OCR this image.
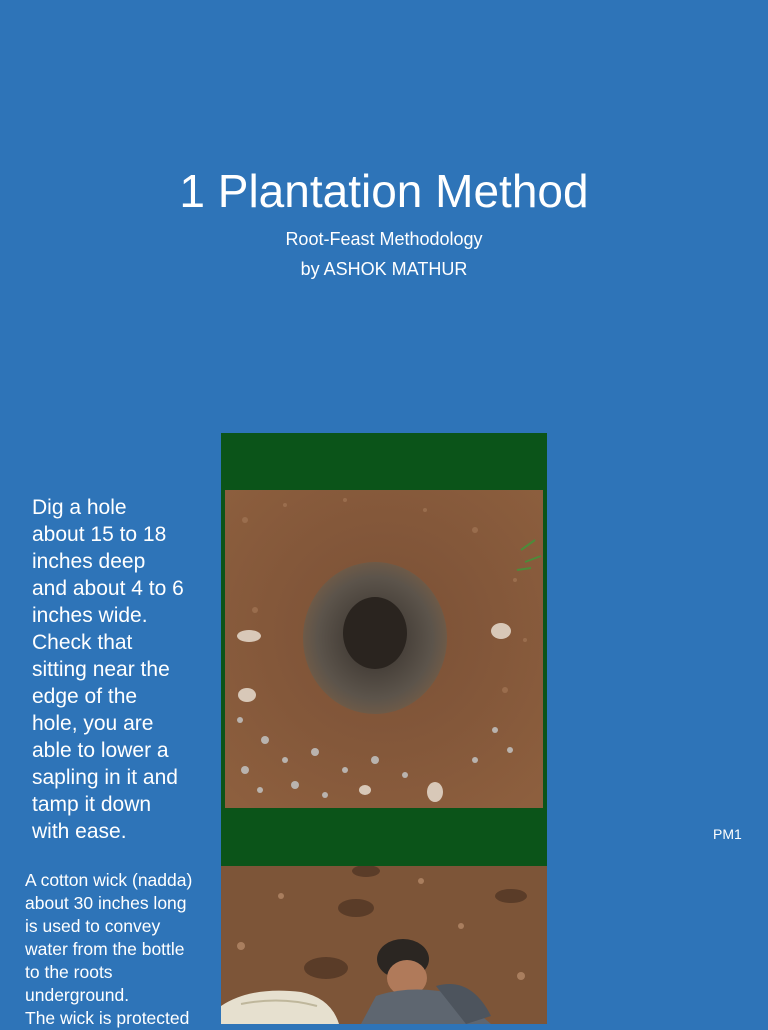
1 Plantation Method
Root-Feast Methodology
by ASHOK MATHUR
Dig a hole
about 15 to 18
inches deep
and about 4 to 6
inches wide.
Check that
sitting near the
edge of the
hole, you are
able to lower a
sapling in it and
tamp it down
with ease.	PM1
A cotton wick (nadda)
about 30 inches long
is used to convey
water from the bottle
to the roots
underground.
The wick is protected
